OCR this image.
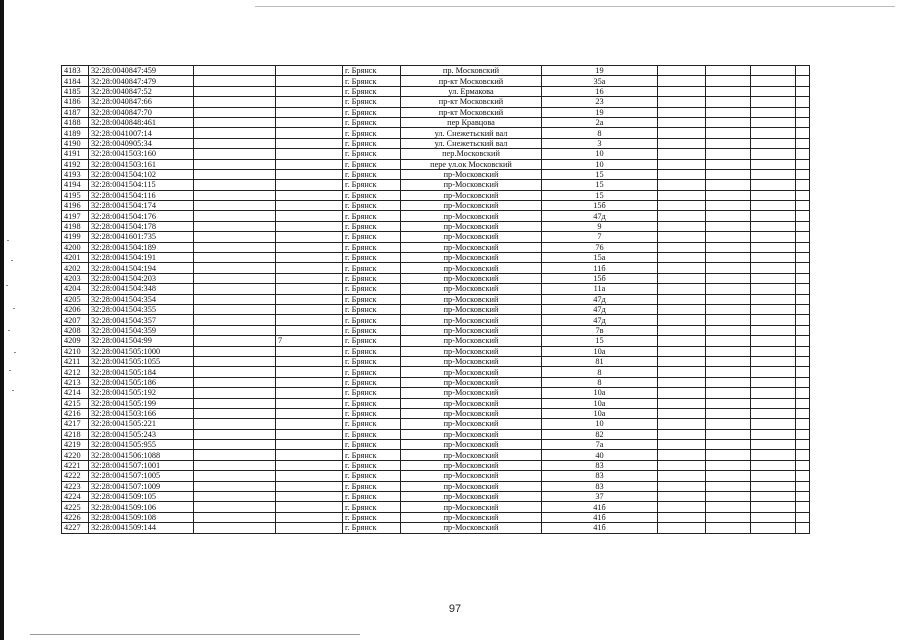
4183	32:28:0040847:459			г. Брянск	пр. Московский	19				
4184	32:28:0040847:479			г. Брянск	пр-кт Московский	35а				
4185	32:28:0040847:52			г. Брянск	ул. Ермакова	16				
4186	32:28:0040847:66			г. Брянск	пр-кт Московский	23				
4187	32:28:0040847:70			г. Брянск	пр-кт Московский	19				
4188	32:28:0040848:461			г. Брянск	пер Кравцова	2а				
4189	32:28:0041007:14			г. Брянск	ул. Снежетьский вал	8				
4190	32:28:0040905:34			г. Брянск	ул. Снежетьский вал	3				
4191	32:28:0041503:160			г. Брянск	пер.Московский	10				
4192	32:28:0041503:161			г. Брянск	пере ул.ок Московский	10				
4193	32:28:0041504:102			г. Брянск	пр-Московский	15				
4194	32:28:0041504:115			г. Брянск	пр-Московский	15				
4195	32:28:0041504:116			г. Брянск	пр-Московский	15				
4196	32:28:0041504:174			г. Брянск	пр-Московский	15б				
4197	32:28:0041504:176			г. Брянск	пр-Московский	47д				
4198	32:28:0041504:178			г. Брянск	пр-Московский	9				
4199	32:28:0041601:735			г. Брянск	пр-Московский	7				
4200	32:28:0041504:189			г. Брянск	пр-Московский	76				
4201	32:28:0041504:191			г. Брянск	пр-Московский	15а				
4202	32:28:0041504:194			г. Брянск	пр-Московский	11б				
4203	32:28:0041504:203			г. Брянск	пр-Московский	15б				
4204	32:28:0041504:348			г. Брянск	пр-Московский	11а				
4205	32:28:0041504:354			г. Брянск	пр-Московский	47д				
4206	32:28:0041504:355			г. Брянск	пр-Московский	47д				
4207	32:28:0041504:357			г. Брянск	пр-Московский	47д				
4208	32:28:0041504:359			г. Брянск	пр-Московский	7в				
4209	32:28:0041504:99		7	г. Брянск	пр-Московский	15				
4210	32:28:0041505:1000			г. Брянск	пр-Московский	10а				
4211	32:28:0041505:1055			г. Брянск	пр-Московский	81				
4212	32:28:0041505:184			г. Брянск	пр-Московский	8				
4213	32:28:0041505:186			г. Брянск	пр-Московский	8				
4214	32:28:0041505:192			г. Брянск	пр-Московский	10а				
4215	32:28:0041505:199			г. Брянск	пр-Московский	10а				
4216	32:28:0041503:166			г. Брянск	пр-Московский	10а				
4217	32:28:0041505:221			г. Брянск	пр-Московский	10				
4218	32:28:0041505:243			г. Брянск	пр-Московский	82				
4219	32:28:0041505:955			г. Брянск	пр-Московский	7а				
4220	32:28:0041506:1088			г. Брянск	пр-Московский	40				
4221	32:28:0041507:1001			г. Брянск	пр-Московский	83				
4222	32:28:0041507:1005			г. Брянск	пр-Московский	83				
4223	32:28:0041507:1009			г. Брянск	пр-Московский	83				
4224	32:28:0041509:105			г. Брянск	пр-Московский	37				
4225	32:28:0041509:106			г. Брянск	пр-Московский	41б				
4226	32:28:0041509:108			г. Брянск	пр-Московский	41б				
4227	32:28:0041509:144			г. Брянск	пр-Московский	41б				
97
